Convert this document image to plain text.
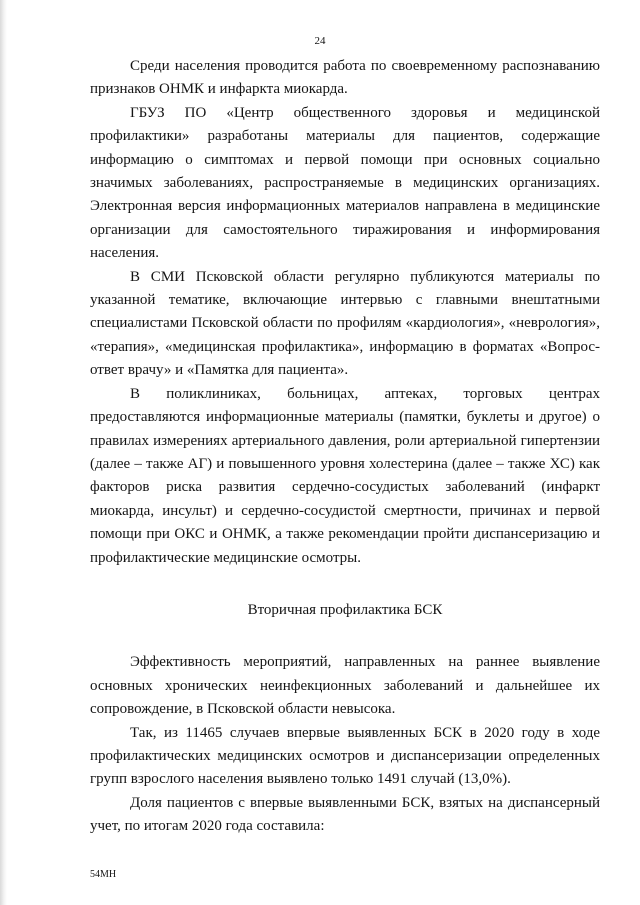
24

Среди населения проводится работа по своевременному распознаванию признаков ОНМК и инфаркта миокарда.

ГБУЗ ПО «Центр общественного здоровья и медицинской профилактики» разработаны материалы для пациентов, содержащие информацию о симптомах и первой помощи при основных социально значимых заболеваниях, распространяемые в медицинских организациях. Электронная версия информационных материалов направлена в медицинские организации для самостоятельного тиражирования и информирования населения.

В СМИ Псковской области регулярно публикуются материалы по указанной тематике, включающие интервью с главными внештатными специалистами Псковской области по профилям «кардиология», «неврология», «терапия», «медицинская профилактика», информацию в форматах «Вопрос-ответ врачу» и «Памятка для пациента».

В поликлиниках, больницах, аптеках, торговых центрах предоставляются информационные материалы (памятки, буклеты и другое) о правилах измерениях артериального давления, роли артериальной гипертензии (далее – также АГ) и повышенного уровня холестерина (далее – также ХС) как факторов риска развития сердечно-сосудистых заболеваний (инфаркт миокарда, инсульт) и сердечно-сосудистой смертности, причинах и первой помощи при ОКС и ОНМК, а также рекомендации пройти диспансеризацию и профилактические медицинские осмотры.

Вторичная профилактика БСК

Эффективность мероприятий, направленных на раннее выявление основных хронических неинфекционных заболеваний и дальнейшее их сопровождение, в Псковской области невысока.

Так, из 11465 случаев впервые выявленных БСК в 2020 году в ходе профилактических медицинских осмотров и диспансеризации определенных групп взрослого населения выявлено только 1491 случай (13,0%).

Доля пациентов с впервые выявленными БСК, взятых на диспансерный учет, по итогам 2020 года составила:

54МН
